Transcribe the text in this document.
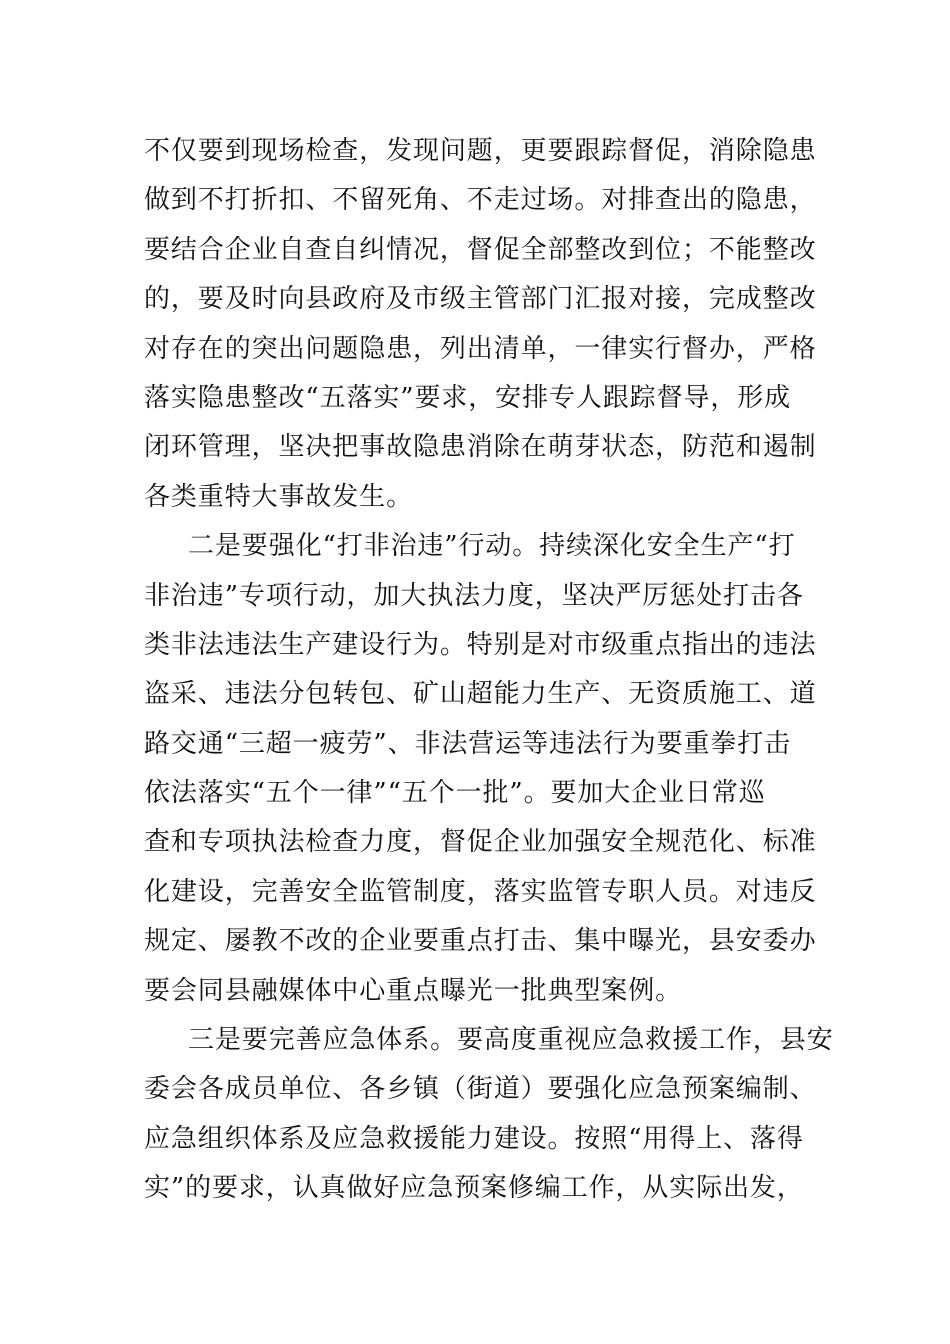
不仅要到现场检查，发现问题，更要跟踪督促，消除隐患
做到不打折扣、不留死角、不走过场。对排查出的隐患，
要结合企业自查自纠情况，督促全部整改到位；不能整改
的，要及时向县政府及市级主管部门汇报对接，完成整改
对存在的突出问题隐患，列出清单，一律实行督办，严格
落实隐患整改“五落实”要求，安排专人跟踪督导，形成
闭环管理，坚决把事故隐患消除在萌芽状态，防范和遏制
各类重特大事故发生。
二是要强化“打非治违”行动。持续深化安全生产“打
非治违”专项行动，加大执法力度，坚决严厉惩处打击各
类非法违法生产建设行为。特别是对市级重点指出的违法
盗采、违法分包转包、矿山超能力生产、无资质施工、道
路交通“三超一疲劳”、非法营运等违法行为要重拳打击
依法落实“五个一律”“五个一批”。要加大企业日常巡
查和专项执法检查力度，督促企业加强安全规范化、标准
化建设，完善安全监管制度，落实监管专职人员。对违反
规定、屡教不改的企业要重点打击、集中曝光，县安委办
要会同县融媒体中心重点曝光一批典型案例。
三是要完善应急体系。要高度重视应急救援工作，县安
委会各成员单位、各乡镇（街道）要强化应急预案编制、
应急组织体系及应急救援能力建设。按照“用得上、落得
实”的要求，认真做好应急预案修编工作，从实际出发，
